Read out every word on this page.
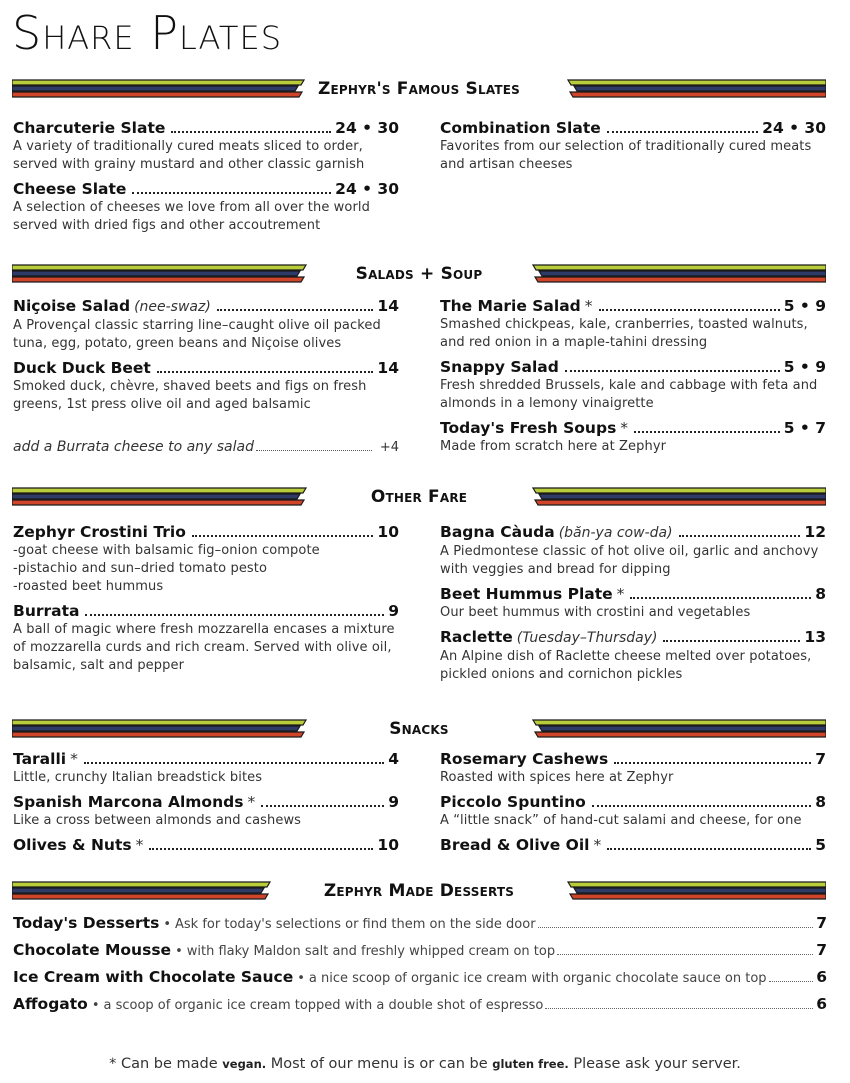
Share Plates
Zephyr's Famous Slates
Salads + Soup
Other Fare
Snacks
Zephyr Made Desserts
Charcuterie Slate	24 • 30
A variety of traditionally cured meats sliced to order,
served with grainy mustard and other classic garnish
Cheese Slate	24 • 30
A selection of cheeses we love from all over the world
served with dried figs and other accoutrement
Combination Slate	24 • 30
Favorites from our selection of traditionally cured meats
and artisan cheeses
Niçoise Salad (nee-swaz)	14
A Provençal classic starring line–caught olive oil packed
tuna, egg, potato, green beans and Niçoise olives
Duck Duck Beet	14
Smoked duck, chèvre, shaved beets and figs on fresh
greens, 1st press olive oil and aged balsamic
The Marie Salad *	5 • 9
Smashed chickpeas, kale, cranberries, toasted walnuts,
and red onion in a maple-tahini dressing
Snappy Salad	5 • 9
Fresh shredded Brussels, kale and cabbage with feta and
almonds in a lemony vinaigrette
Today's Fresh Soups *	5 • 7
Made from scratch here at Zephyr
add a Burrata cheese to any salad	+4
Zephyr Crostini Trio	10
-goat cheese with balsamic fig–onion compote
-pistachio and sun–dried tomato pesto
-roasted beet hummus
Burrata	9
A ball of magic where fresh mozzarella encases a mixture
of mozzarella curds and rich cream. Served with olive oil,
balsamic, salt and pepper
Bagna Càuda (băn-ya cow-da)	12
A Piedmontese classic of hot olive oil, garlic and anchovy
with veggies and bread for dipping
Beet Hummus Plate *	8
Our beet hummus with crostini and vegetables
Raclette (Tuesday–Thursday)	13
An Alpine dish of Raclette cheese melted over potatoes,
pickled onions and cornichon pickles
Taralli *	4
Little, crunchy Italian breadstick bites
Spanish Marcona Almonds *	9
Like a cross between almonds and cashews
Olives & Nuts *	10
Rosemary Cashews	7
Roasted with spices here at Zephyr
Piccolo Spuntino	8
A “little snack” of hand-cut salami and cheese, for one
Bread & Olive Oil *	5
Today's Desserts • Ask for today's selections or find them on the side door	7
Chocolate Mousse • with flaky Maldon salt and freshly whipped cream on top	7
Ice Cream with Chocolate Sauce • a nice scoop of organic ice cream with organic chocolate sauce on top	6
Affogato • a scoop of organic ice cream topped with a double shot of espresso	6
* Can be made vegan. Most of our menu is or can be gluten free. Please ask your server.
